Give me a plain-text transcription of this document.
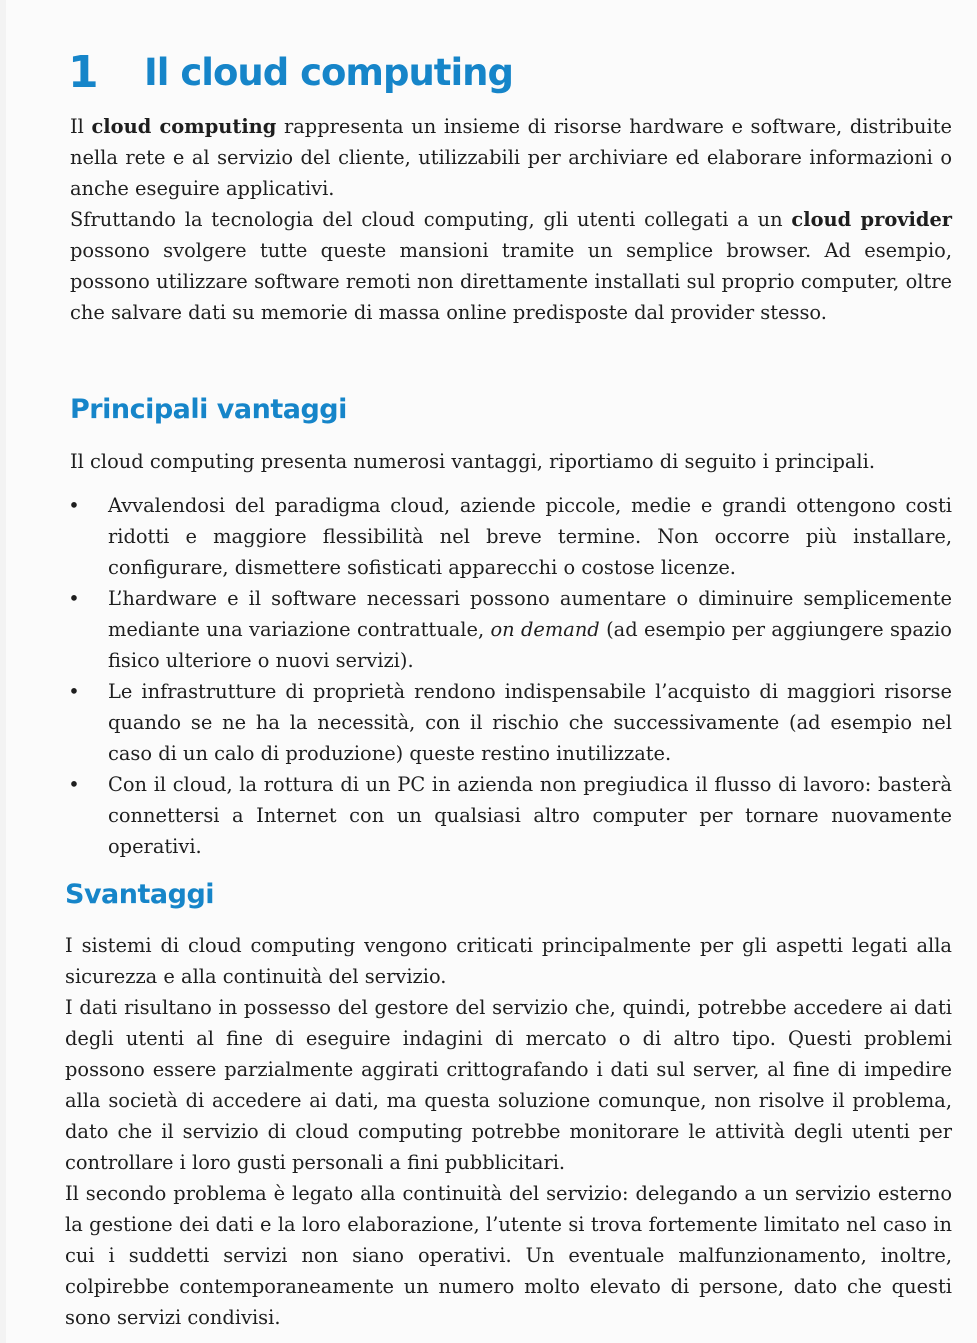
1	Il cloud computing

Il cloud computing rappresenta un insieme di risorse hardware e software, distribuite nella rete e al servizio del cliente, utilizzabili per archiviare ed elaborare informazioni o anche eseguire applicativi.

Sfruttando la tecnologia del cloud computing, gli utenti collegati a un cloud provider possono svolgere tutte queste mansioni tramite un semplice browser. Ad esempio, possono utilizzare software remoti non direttamente installati sul proprio computer, oltre che salvare dati su memorie di massa online predisposte dal provider stesso.

Principali vantaggi

Il cloud computing presenta numerosi vantaggi, riportiamo di seguito i principali.

• Avvalendosi del paradigma cloud, aziende piccole, medie e grandi ottengono costi ridotti e maggiore flessibilità nel breve termine. Non occorre più installare, configurare, dismettere sofisticati apparecchi o costose licenze.
• L’hardware e il software necessari possono aumentare o diminuire semplicemente mediante una variazione contrattuale, on demand (ad esempio per aggiungere spazio fisico ulteriore o nuovi servizi).
• Le infrastrutture di proprietà rendono indispensabile l’acquisto di maggiori risorse quando se ne ha la necessità, con il rischio che successivamente (ad esempio nel caso di un calo di produzione) queste restino inutilizzate.
• Con il cloud, la rottura di un PC in azienda non pregiudica il flusso di lavoro: basterà connettersi a Internet con un qualsiasi altro computer per tornare nuovamente operativi.
Svantaggi

I sistemi di cloud computing vengono criticati principalmente per gli aspetti legati alla sicurezza e alla continuità del servizio.

I dati risultano in possesso del gestore del servizio che, quindi, potrebbe accedere ai dati degli utenti al fine di eseguire indagini di mercato o di altro tipo. Questi problemi possono essere parzialmente aggirati crittografando i dati sul server, al fine di impedire alla società di accedere ai dati, ma questa soluzione comunque, non risolve il problema, dato che il servizio di cloud computing potrebbe monitorare le attività degli utenti per controllare i loro gusti personali a fini pubblicitari.

Il secondo problema è legato alla continuità del servizio: delegando a un servizio esterno la gestione dei dati e la loro elaborazione, l’utente si trova fortemente limitato nel caso in cui i suddetti servizi non siano operativi. Un eventuale malfunzionamento, inoltre, colpirebbe contemporaneamente un numero molto elevato di persone, dato che questi sono servizi condivisi.
